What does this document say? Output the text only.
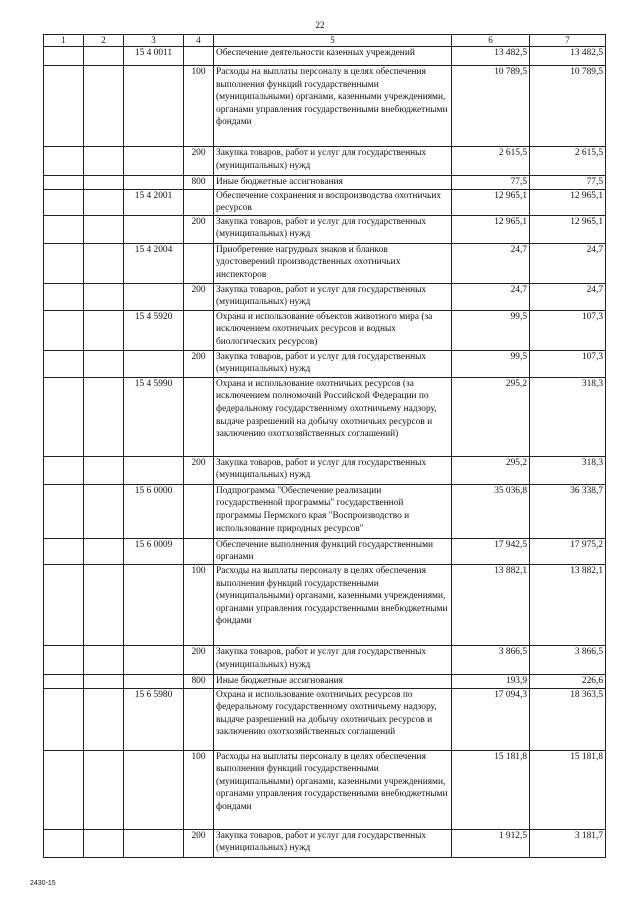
22
1	2	3	4	5	6	7
		15 4 0011		Обеспечение деятельности казенных учреждений	13 482,5	13 482,5
			100	Расходы на выплаты персоналу в целях обеспечения выполнения функций государственными (муниципальными) органами, казенными учреждениями, органами управления государственными внебюджетными фондами	10 789,5	10 789,5
			200	Закупка товаров, работ и услуг для государственных (муниципальных) нужд	2 615,5	2 615,5
			800	Иные бюджетные ассигнования	77,5	77,5
		15 4 2001		Обеспечение сохранения и воспроизводства охотничьих ресурсов	12 965,1	12 965,1
			200	Закупка товаров, работ и услуг для государственных (муниципальных) нужд	12 965,1	12 965,1
		15 4 2004		Приобретение нагрудных знаков и бланков удостоверений производственных охотничьих инспекторов	24,7	24,7
			200	Закупка товаров, работ и услуг для государственных (муниципальных) нужд	24,7	24,7
		15 4 5920		Охрана и использование объектов животного мира (за исключением охотничьих ресурсов и водных биологических ресурсов)	99,5	107,3
			200	Закупка товаров, работ и услуг для государственных (муниципальных) нужд	99,5	107,3
		15 4 5990		Охрана и использование охотничьих ресурсов (за исключением полномочий Российской Федерации по федеральному государственному охотничьему надзору, выдаче разрешений на добычу охотничьих ресурсов и заключению охотхозяйственных соглашений)	295,2	318,3
			200	Закупка товаров, работ и услуг для государственных (муниципальных) нужд	295,2	318,3
		15 6 0000		Подпрограмма "Обеспечение реализации государственной программы" государственной программы Пермского края "Воспроизводство и использование природных ресурсов"	35 036,8	36 338,7
		15 6 0009		Обеспечение выполнения функций государственными органами	17 942,5	17 975,2
			100	Расходы на выплаты персоналу в целях обеспечения выполнения функций государственными (муниципальными) органами, казенными учреждениями, органами управления государственными внебюджетными фондами	13 882,1	13 882,1
			200	Закупка товаров, работ и услуг для государственных (муниципальных) нужд	3 866,5	3 866,5
			800	Иные бюджетные ассигнования	193,9	226,6
		15 6 5980		Охрана и использование охотничьих ресурсов по федеральному государственному охотничьему надзору, выдаче разрешений на добычу охотничьих ресурсов и заключению охотхозяйственных соглашений	17 094,3	18 363,5
			100	Расходы на выплаты персоналу в целях обеспечения выполнения функций государственными (муниципальными) органами, казенными учреждениями, органами управления государственными внебюджетными фондами	15 181,8	15 181,8
			200	Закупка товаров, работ и услуг для государственных (муниципальных) нужд	1 912,5	3 181,7
2430-15
